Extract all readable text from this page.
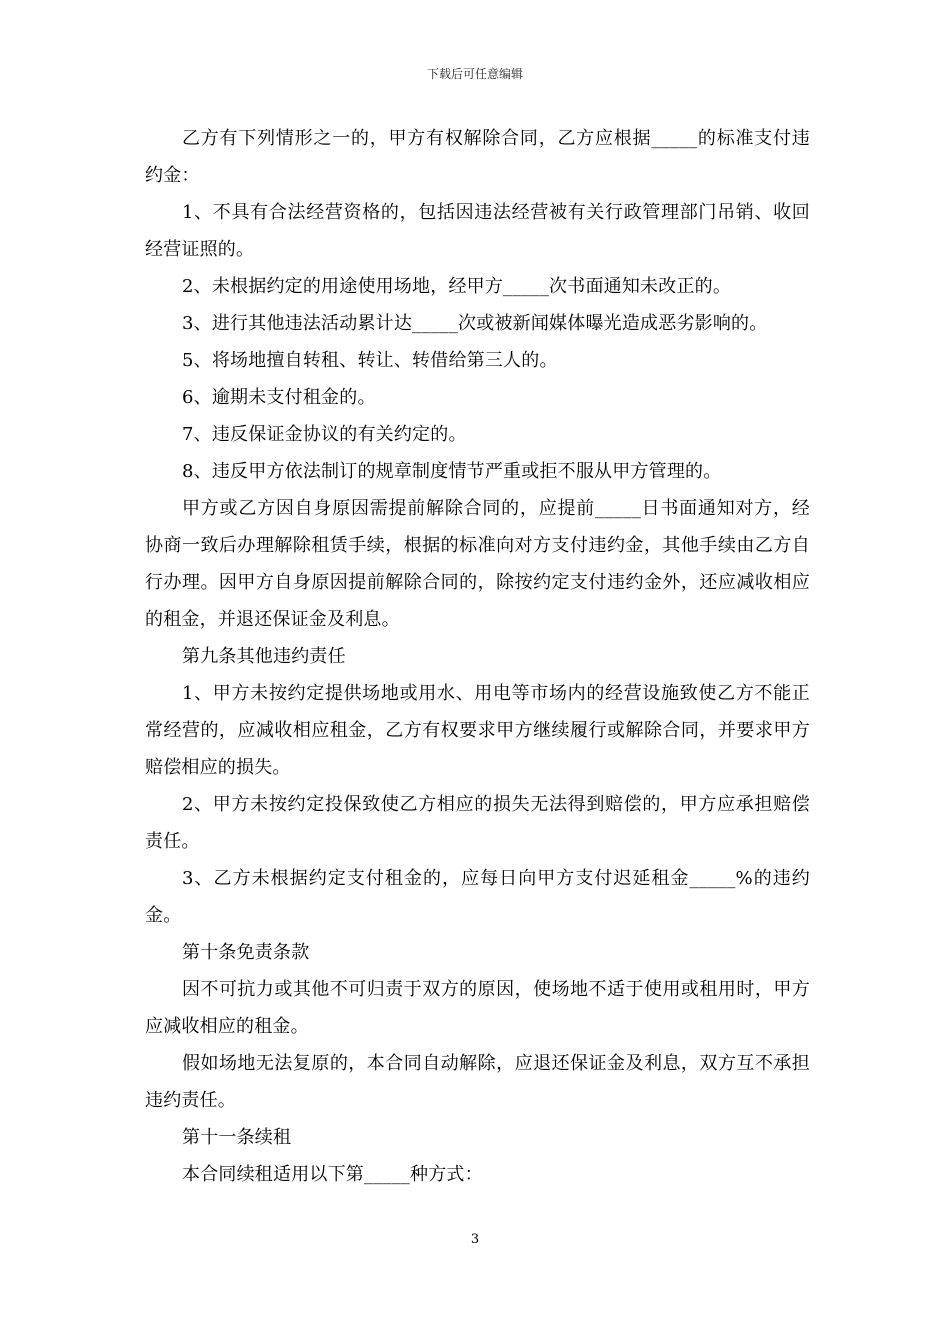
下载后可任意编辑

乙方有下列情形之一的，甲方有权解除合同，乙方应根据_____的标准支付违约金：

1、不具有合法经营资格的，包括因违法经营被有关行政管理部门吊销、收回经营证照的。

2、未根据约定的用途使用场地，经甲方_____次书面通知未改正的。

3、进行其他违法活动累计达_____次或被新闻媒体曝光造成恶劣影响的。

5、将场地擅自转租、转让、转借给第三人的。

6、逾期未支付租金的。

7、违反保证金协议的有关约定的。

8、违反甲方依法制订的规章制度情节严重或拒不服从甲方管理的。

甲方或乙方因自身原因需提前解除合同的，应提前_____日书面通知对方，经协商一致后办理解除租赁手续，根据的标准向对方支付违约金，其他手续由乙方自行办理。因甲方自身原因提前解除合同的，除按约定支付违约金外，还应减收相应的租金，并退还保证金及利息。

第九条其他违约责任

1、甲方未按约定提供场地或用水、用电等市场内的经营设施致使乙方不能正常经营的，应减收相应租金，乙方有权要求甲方继续履行或解除合同，并要求甲方赔偿相应的损失。

2、甲方未按约定投保致使乙方相应的损失无法得到赔偿的，甲方应承担赔偿责任。

3、乙方未根据约定支付租金的，应每日向甲方支付迟延租金_____%的违约金。

第十条免责条款

因不可抗力或其他不可归责于双方的原因，使场地不适于使用或租用时，甲方应减收相应的租金。

假如场地无法复原的，本合同自动解除，应退还保证金及利息，双方互不承担违约责任。

第十一条续租

本合同续租适用以下第_____种方式：

3
